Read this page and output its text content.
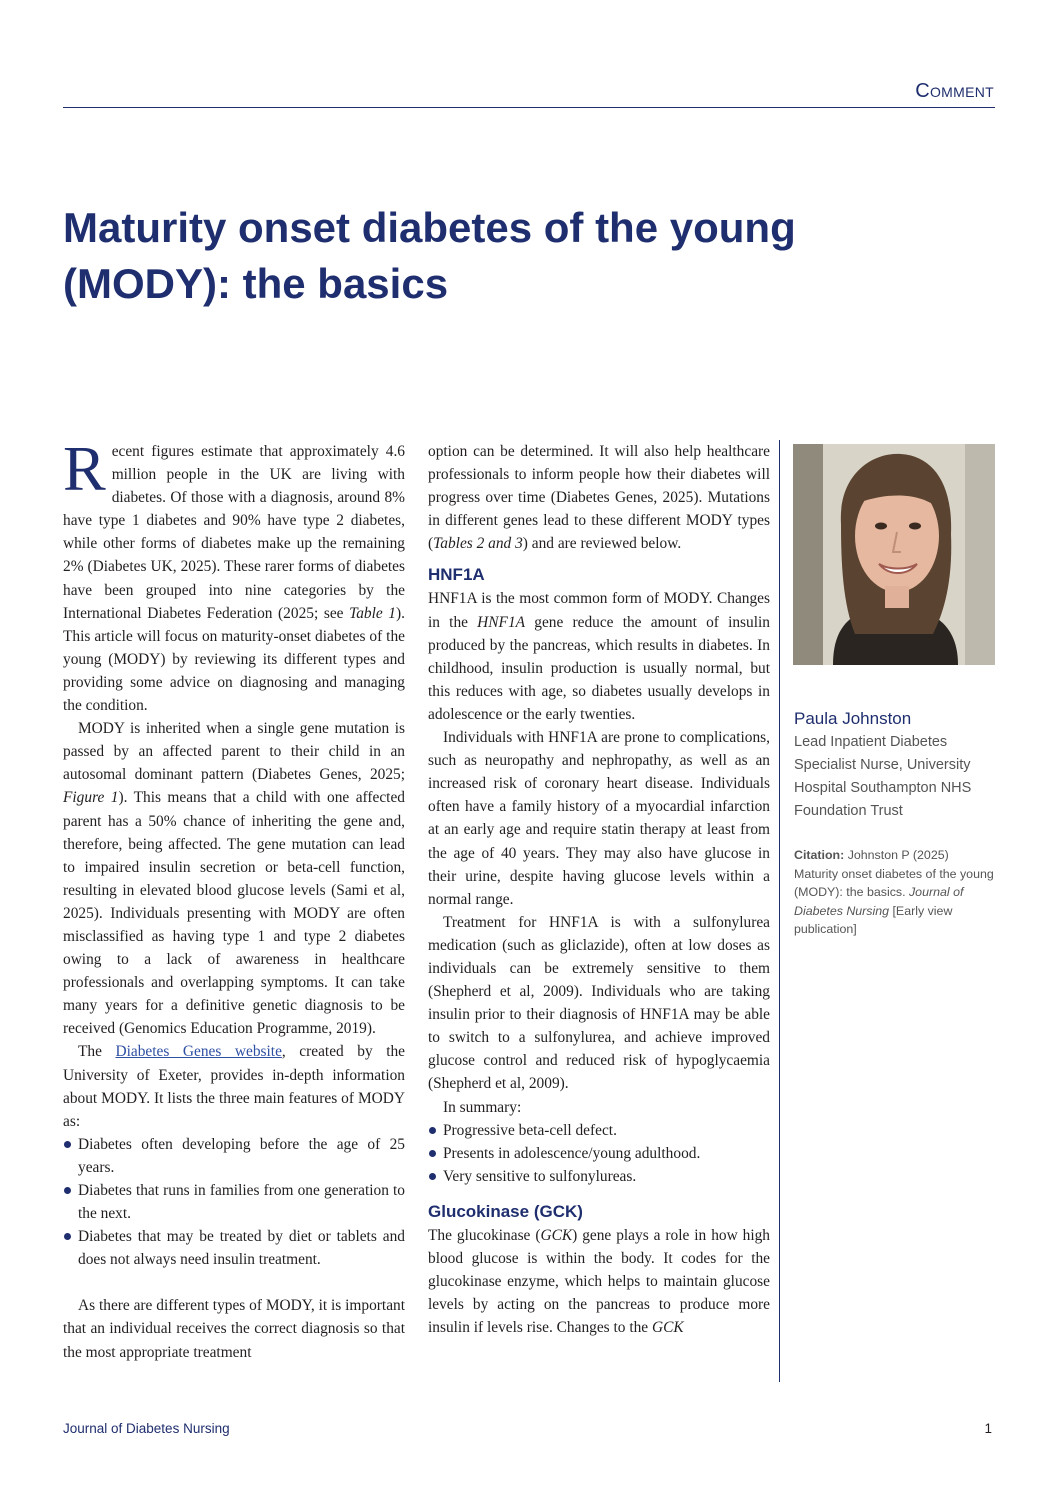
Comment
Maturity onset diabetes of the young (MODY): the basics

Recent figures estimate that approximately 4.6 million people in the UK are living with diabetes. Of those with a diagnosis, around 8% have type 1 diabetes and 90% have type 2 diabetes, while other forms of diabetes make up the remaining 2% (Diabetes UK, 2025). These rarer forms of diabetes have been grouped into nine categories by the International Diabetes Federation (2025; see Table 1). This article will focus on maturity-onset diabetes of the young (MODY) by reviewing its different types and providing some advice on diagnosing and managing the condition.

MODY is inherited when a single gene mutation is passed by an affected parent to their child in an autosomal dominant pattern (Diabetes Genes, 2025; Figure 1). This means that a child with one affected parent has a 50% chance of inheriting the gene and, therefore, being affected. The gene mutation can lead to impaired insulin secretion or beta-cell function, resulting in elevated blood glucose levels (Sami et al, 2025). Individuals presenting with MODY are often misclassified as having type 1 and type 2 diabetes owing to a lack of awareness in healthcare professionals and overlapping symptoms. It can take many years for a definitive genetic diagnosis to be received (Genomics Education Programme, 2019).

The Diabetes Genes website, created by the University of Exeter, provides in-depth information about MODY. It lists the three main features of MODY as:

Diabetes often developing before the age of 25 years.
Diabetes that runs in families from one generation to the next.
Diabetes that may be treated by diet or tablets and does not always need insulin treatment.

As there are different types of MODY, it is important that an individual receives the correct diagnosis so that the most appropriate treatment

option can be determined. It will also help healthcare professionals to inform people how their diabetes will progress over time (Diabetes Genes, 2025). Mutations in different genes lead to these different MODY types (Tables 2 and 3) and are reviewed below.

HNF1A

HNF1A is the most common form of MODY. Changes in the HNF1A gene reduce the amount of insulin produced by the pancreas, which results in diabetes. In childhood, insulin production is usually normal, but this reduces with age, so diabetes usually develops in adolescence or the early twenties.

Individuals with HNF1A are prone to complications, such as neuropathy and nephropathy, as well as an increased risk of coronary heart disease. Individuals often have a family history of a myocardial infarction at an early age and require statin therapy at least from the age of 40 years. They may also have glucose in their urine, despite having glucose levels within a normal range.

Treatment for HNF1A is with a sulfonylurea medication (such as gliclazide), often at low doses as individuals can be extremely sensitive to them (Shepherd et al, 2009). Individuals who are taking insulin prior to their diagnosis of HNF1A may be able to switch to a sulfonylurea, and achieve improved glucose control and reduced risk of hypoglycaemia (Shepherd et al, 2009).

In summary:

Progressive beta-cell defect.
Presents in adolescence/young adulthood.
Very sensitive to sulfonylureas.
Glucokinase (GCK)

The glucokinase (GCK) gene plays a role in how high blood glucose is within the body. It codes for the glucokinase enzyme, which helps to maintain glucose levels by acting on the pancreas to produce more insulin if levels rise. Changes to the GCK

Paula Johnston
Lead Inpatient Diabetes Specialist Nurse, University Hospital Southampton NHS Foundation Trust
Citation: Johnston P (2025) Maturity onset diabetes of the young (MODY): the basics. Journal of Diabetes Nursing [Early view publication]
Journal of Diabetes Nursing	1
